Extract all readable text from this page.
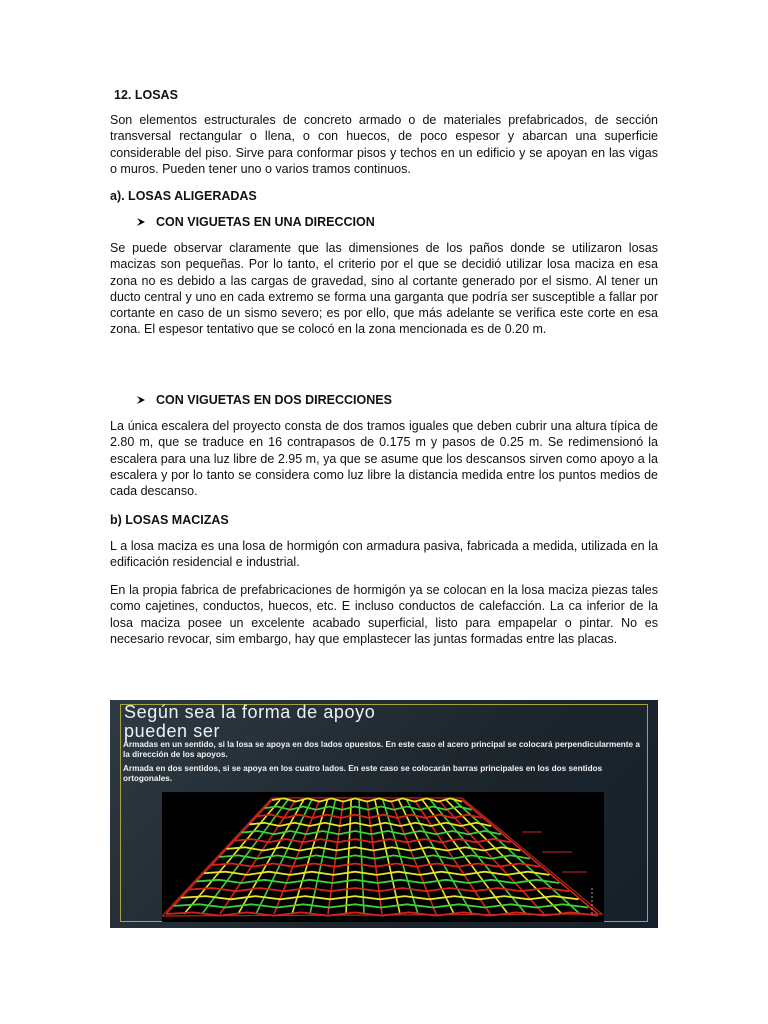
12. LOSAS

Son elementos estructurales de concreto armado o de materiales prefabricados, de sección transversal rectangular o llena, o con huecos, de poco espesor y abarcan una superficie considerable del piso. Sirve para conformar pisos y techos en un edificio y se apoyan en las vigas o muros. Pueden tener uno o varios tramos continuos.

a). LOSAS ALIGERADAS
CON VIGUETAS EN UNA DIRECCION

Se puede observar claramente que las dimensiones de los paños donde se utilizaron losas macizas son pequeñas. Por lo tanto, el criterio por el que se decidió utilizar losa maciza en esa zona no es debido a las cargas de gravedad, sino al cortante generado por el sismo. Al tener un ducto central y uno en cada extremo se forma una garganta que podría ser susceptible a fallar por cortante en caso de un sismo severo; es por ello, que más adelante se verifica este corte en esa zona. El espesor tentativo que se colocó en la zona mencionada es de 0.20 m.

CON VIGUETAS EN DOS DIRECCIONES

La única escalera del proyecto consta de dos tramos iguales que deben cubrir una altura típica de 2.80 m, que se traduce en 16 contrapasos de 0.175 m y pasos de 0.25 m. Se redimensionó la escalera para una luz libre de 2.95 m, ya que se asume que los descansos sirven como apoyo a la escalera y por lo tanto se considera como luz libre la distancia medida entre los puntos medios de cada descanso.

b) LOSAS MACIZAS

L a losa maciza es una losa de hormigón con armadura pasiva, fabricada a medida, utilizada en la edificación residencial e industrial.

En la propia fabrica de prefabricaciones de hormigón ya se colocan en la losa maciza piezas tales como cajetines, conductos, huecos, etc. E incluso conductos de calefacción. La ca inferior de la losa maciza posee un excelente acabado superficial, listo para empapelar o pintar. No es necesario revocar, sim embargo, hay que emplastecer las juntas formadas entre las placas.

Según sea la forma de apoyo
pueden ser
Armadas en un sentido, si la losa se apoya en dos lados opuestos. En este caso el acero principal se colocará perpendicularmente a la dirección de los apoyos.
Armada en dos sentidos, si se apoya en los cuatro lados. En este caso se colocarán barras principales en los dos sentidos ortogonales.
